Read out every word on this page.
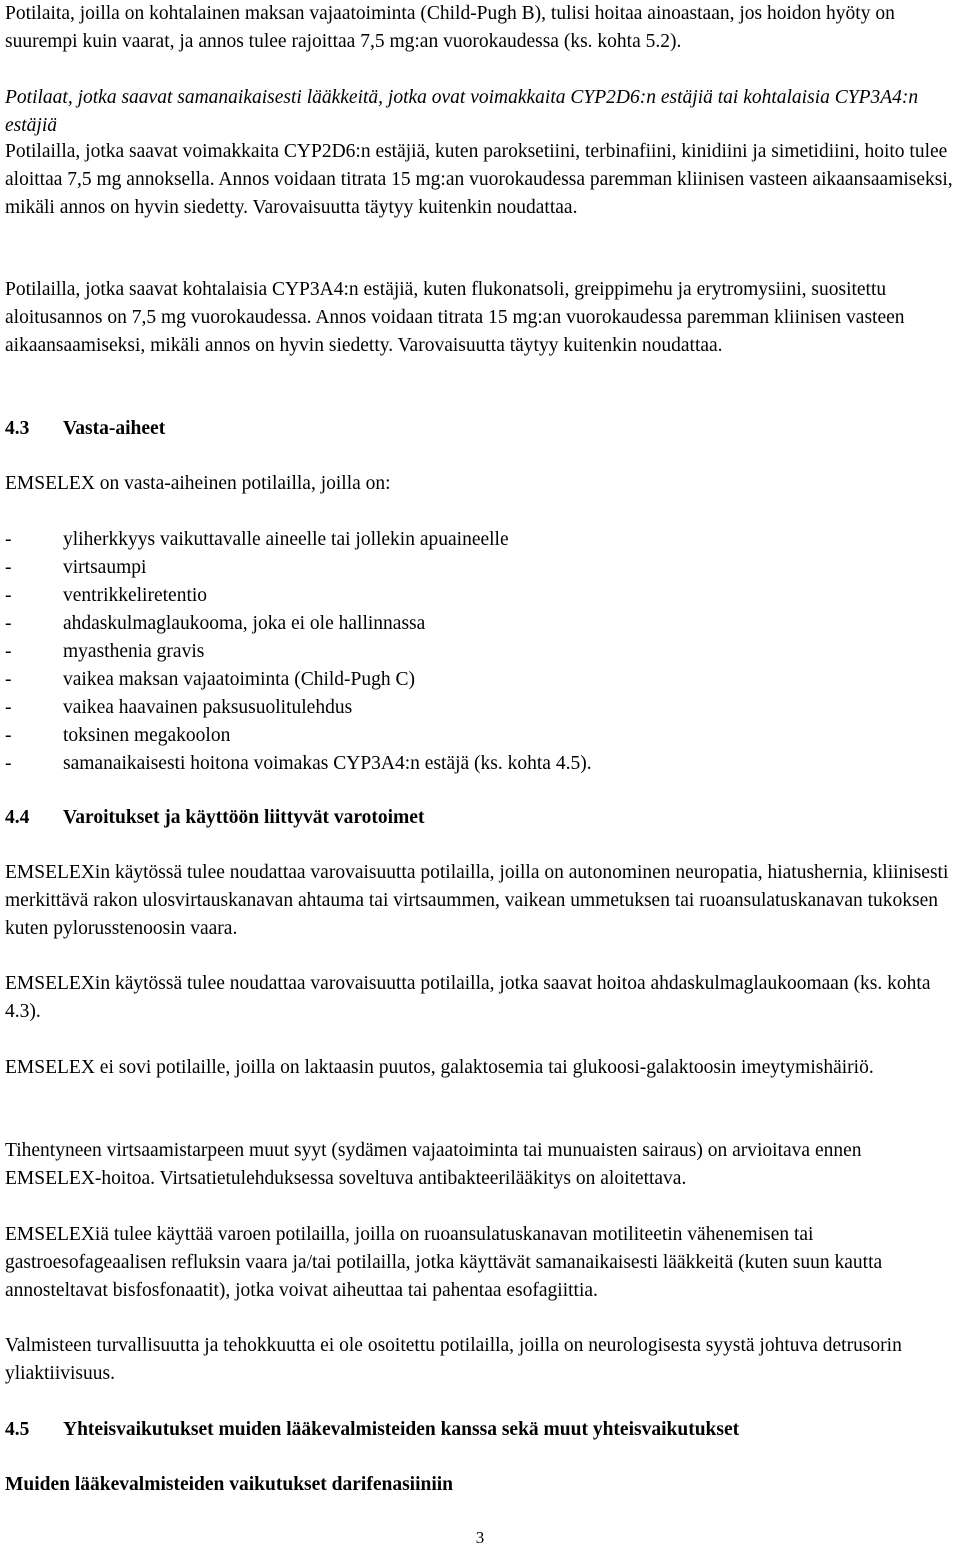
Potilaita, joilla on kohtalainen maksan vajaatoiminta (Child-Pugh B), tulisi hoitaa ainoastaan, jos hoidon hyöty on suurempi kuin vaarat, ja annos tulee rajoittaa 7,5 mg:an vuorokaudessa (ks. kohta 5.2).

Potilaat, jotka saavat samanaikaisesti lääkkeitä, jotka ovat voimakkaita CYP2D6:n estäjiä tai kohtalaisia CYP3A4:n estäjiä

Potilailla, jotka saavat voimakkaita CYP2D6:n estäjiä, kuten paroksetiini, terbinafiini, kinidiini ja simetidiini, hoito tulee aloittaa 7,5 mg annoksella. Annos voidaan titrata 15 mg:an vuorokaudessa paremman kliinisen vasteen aikaansaamiseksi, mikäli annos on hyvin siedetty. Varovaisuutta täytyy kuitenkin noudattaa.

Potilailla, jotka saavat kohtalaisia CYP3A4:n estäjiä, kuten flukonatsoli, greippimehu ja erytromysiini, suositettu aloitusannos on 7,5 mg vuorokaudessa. Annos voidaan titrata 15 mg:an vuorokaudessa paremman kliinisen vasteen aikaansaamiseksi, mikäli annos on hyvin siedetty. Varovaisuutta täytyy kuitenkin noudattaa.

4.3 Vasta-aiheet

EMSELEX on vasta-aiheinen potilailla, joilla on:

-	yliherkkyys vaikuttavalle aineelle tai jollekin apuaineelle
-	virtsaumpi
-	ventrikkeliretentio
-	ahdaskulmaglaukooma, joka ei ole hallinnassa
-	myasthenia gravis
-	vaikea maksan vajaatoiminta (Child-Pugh C)
-	vaikea haavainen paksusuolitulehdus
-	toksinen megakoolon
-	samanaikaisesti hoitona voimakas CYP3A4:n estäjä (ks. kohta 4.5).
4.4 Varoitukset ja käyttöön liittyvät varotoimet

EMSELEXin käytössä tulee noudattaa varovaisuutta potilailla, joilla on autonominen neuropatia, hiatushernia, kliinisesti merkittävä rakon ulosvirtauskanavan ahtauma tai virtsaummen, vaikean ummetuksen tai ruoansulatuskanavan tukoksen kuten pylorusstenoosin vaara.

EMSELEXin käytössä tulee noudattaa varovaisuutta potilailla, jotka saavat hoitoa ahdaskulmaglaukoomaan (ks. kohta 4.3).

EMSELEX ei sovi potilaille, joilla on laktaasin puutos, galaktosemia tai glukoosi-galaktoosin imeytymishäiriö.

Tihentyneen virtsaamistarpeen muut syyt (sydämen vajaatoiminta tai munuaisten sairaus) on arvioitava ennen EMSELEX-hoitoa. Virtsatietulehduksessa soveltuva antibakteerilääkitys on aloitettava.

EMSELEXiä tulee käyttää varoen potilailla, joilla on ruoansulatuskanavan motiliteetin vähenemisen tai gastroesofageaalisen refluksin vaara ja/tai potilailla, jotka käyttävät samanaikaisesti lääkkeitä (kuten suun kautta annosteltavat bisfosfonaatit), jotka voivat aiheuttaa tai pahentaa esofagiittia.

Valmisteen turvallisuutta ja tehokkuutta ei ole osoitettu potilailla, joilla on neurologisesta syystä johtuva detrusorin yliaktiivisuus.

4.5 Yhteisvaikutukset muiden lääkevalmisteiden kanssa sekä muut yhteisvaikutukset

Muiden lääkevalmisteiden vaikutukset darifenasiiniin

3
